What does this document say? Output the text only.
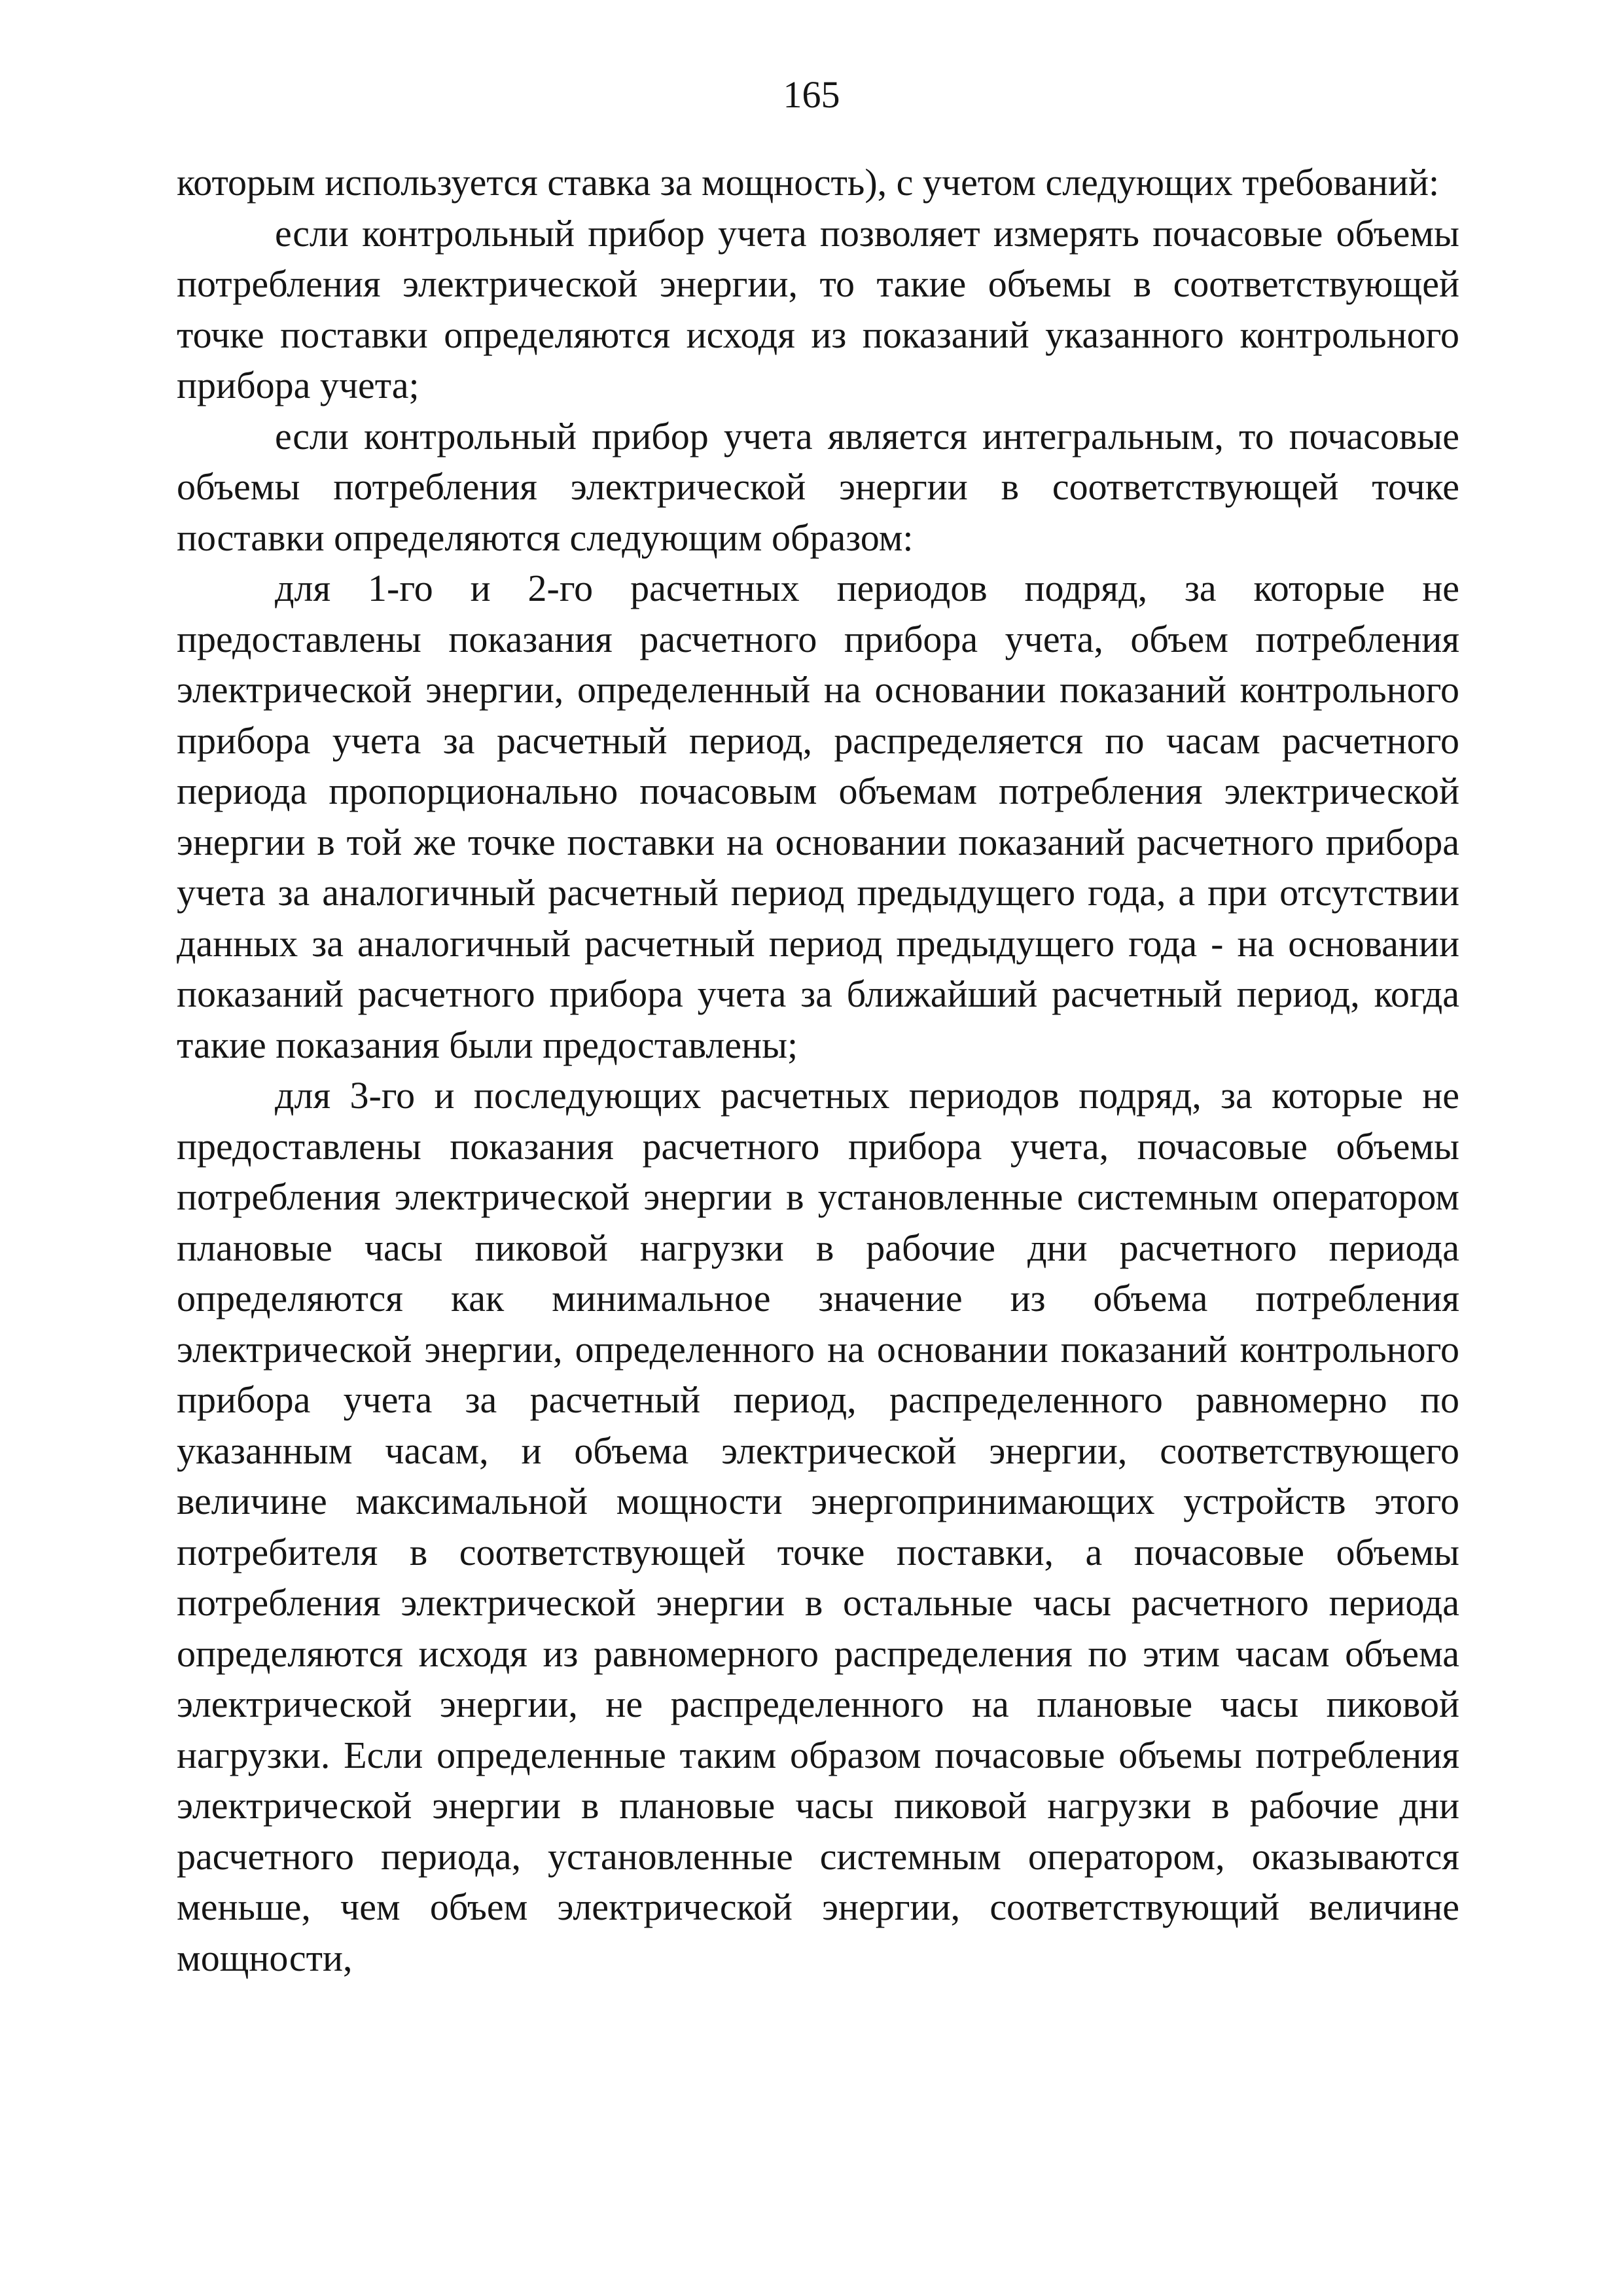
165

которым используется ставка за мощность), с учетом следующих требований:

если контрольный прибор учета позволяет измерять почасовые объемы потребления электрической энергии, то такие объемы в соответствующей точке поставки определяются исходя из показаний указанного контрольного прибора учета;

если контрольный прибор учета является интегральным, то почасовые объемы потребления электрической энергии в соответствующей точке поставки определяются следующим образом:

для 1-го и 2-го расчетных периодов подряд, за которые не предоставлены показания расчетного прибора учета, объем потребления электрической энергии, определенный на основании показаний контрольного прибора учета за расчетный период, распределяется по часам расчетного периода пропорционально почасовым объемам потребления электрической энергии в той же точке поставки на основании показаний расчетного прибора учета за аналогичный расчетный период предыдущего года, а при отсутствии данных за аналогичный расчетный период предыдущего года - на основании показаний расчетного прибора учета за ближайший расчетный период, когда такие показания были предоставлены;

для 3-го и последующих расчетных периодов подряд, за которые не предоставлены показания расчетного прибора учета, почасовые объемы потребления электрической энергии в установленные системным оператором плановые часы пиковой нагрузки в рабочие дни расчетного периода определяются как минимальное значение из объема потребления электрической энергии, определенного на основании показаний контрольного прибора учета за расчетный период, распределенного равномерно по указанным часам, и объема электрической энергии, соответствующего величине максимальной мощности энергопринимающих устройств этого потребителя в соответствующей точке поставки, а почасовые объемы потребления электрической энергии в остальные часы расчетного периода определяются исходя из равномерного распределения по этим часам объема электрической энергии, не распределенного на плановые часы пиковой нагрузки. Если определенные таким образом почасовые объемы потребления электрической энергии в плановые часы пиковой нагрузки в рабочие дни расчетного периода, установленные системным оператором, оказываются меньше, чем объем электрической энергии, соответствующий величине мощности,
